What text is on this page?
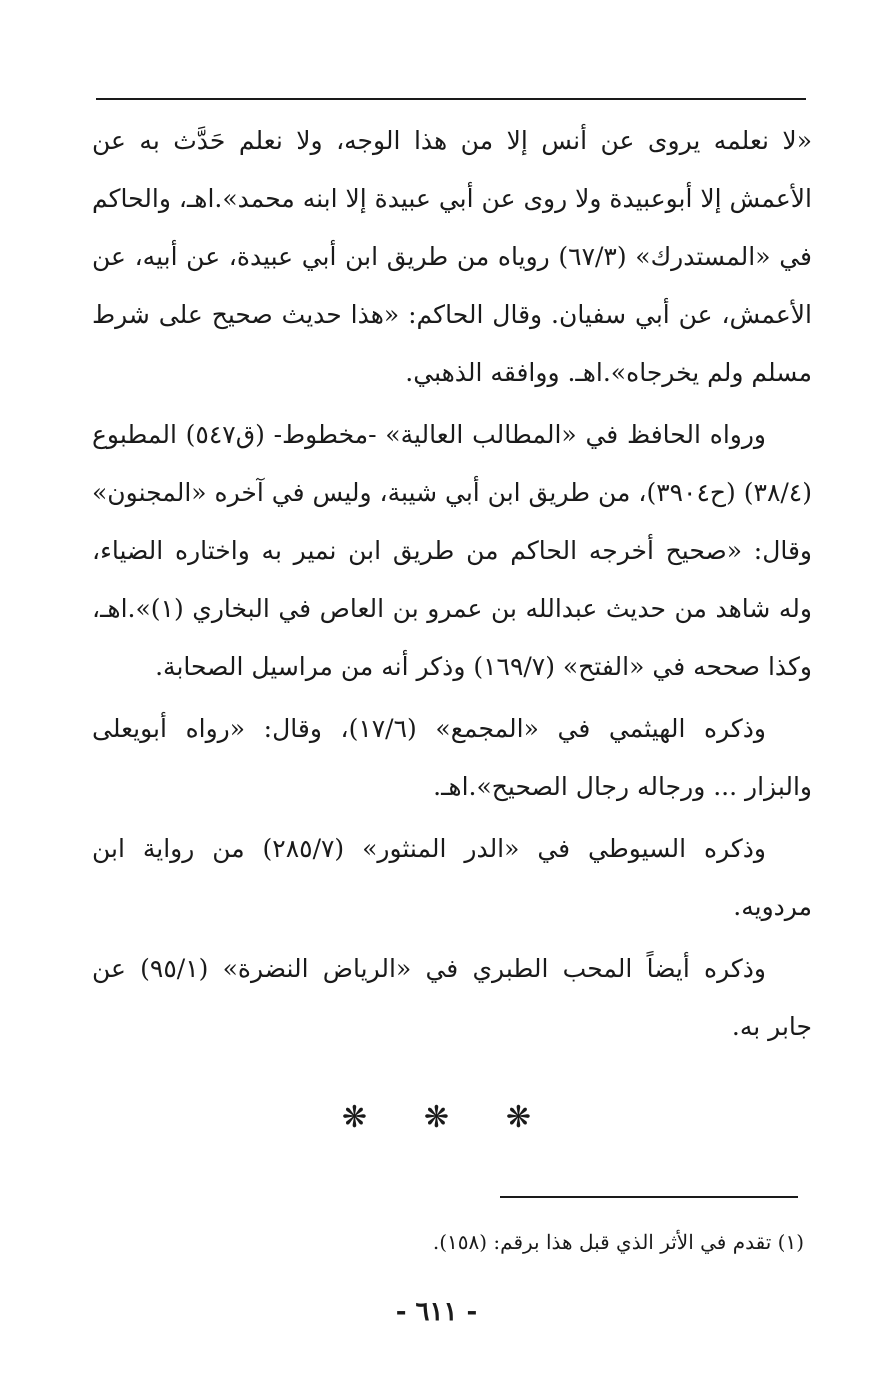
«لا نعلمه يروى عن أنس إلا من هذا الوجه، ولا نعلم حَدَّث به عن الأعمش إلا أبوعبيدة ولا روى عن أبي عبيدة إلا ابنه محمد».اهـ، والحاكم في «المستدرك» (٦٧/٣) روياه من طريق ابن أبي عبيدة، عن أبيه، عن الأعمش، عن أبي سفيان. وقال الحاكم: «هذا حديث صحيح على شرط مسلم ولم يخرجاه».اهـ. ووافقه الذهبي.

ورواه الحافظ في «المطالب العالية» -مخطوط- (ق٥٤٧) المطبوع (٣٨/٤) (ح٣٩٠٤)، من طريق ابن أبي شيبة، وليس في آخره «المجنون» وقال: «صحيح أخرجه الحاكم من طريق ابن نمير به واختاره الضياء، وله شاهد من حديث عبدالله بن عمرو بن العاص في البخاري (١)».اهـ، وكذا صححه في «الفتح» (١٦٩/٧) وذكر أنه من مراسيل الصحابة.

وذكره الهيثمي في «المجمع» (١٧/٦)، وقال: «رواه أبويعلى والبزار ... ورجاله رجال الصحيح».اهـ.

وذكره السيوطي في «الدر المنثور» (٢٨٥/٧) من رواية ابن مردويه.

وذكره أيضاً المحب الطبري في «الرياض النضرة» (٩٥/١) عن جابر به.

❋
❋
❋
(١) تقدم في الأثر الذي قبل هذا برقم: (١٥٨).
- ٦١١ -
